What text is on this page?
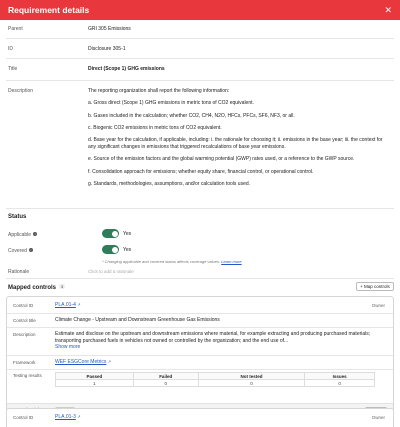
Requirement details	✕
Parent	GRI 305 Emissions
ID	Disclosure 305-1
Title	Direct (Scope 1) GHG emissions
Description	The reporting organization shall report the following information:

a. Gross direct (Scope 1) GHG emissions in metric tons of CO2 equivalent.

b. Gases included in the calculation; whether CO2, CH4, N2O, HFCs, PFCs, SF6, NF3, or all.

c. Biogenic CO2 emissions in metric tons of CO2 equivalent.

d. Base year for the calculation, if applicable, including: i. the rationale for choosing it; ii. emissions in the base year; iii. the context for any significant changes in emissions that triggered recalculations of base year emissions.

e. Source of the emission factors and the global warming potential (GWP) rates used, or a reference to the GWP source.

f. Consolidation approach for emissions; whether equity share, financial control, or operational control.

g. Standards, methodologies, assumptions, and/or calculation tools used.

Status
Applicable i	Yes
Covered i	Yes
* Changing applicable and covered status affects coverage values. Learn more
Rationale	Click to add a rationale
Mapped controls 3	+ Map controls
Control ID	PLA.01-4 ↗	Owner
Control title	Climate Change - Upstream and Downstream Greenhouse Gas Emissions
Description	Estimate and disclose on the upstream and downstream emissions where material, for example extracting and producing purchased materials; transporting purchased fuels in vehicles not owned or controlled by the organization; and the end use of...
Show more
Framework	WEF ESGCore Metrics ↗
Testing results	Passed	Failed	Not tested	Issues
1	0	0	0
Control ID	PLA.01-3 ↗	Owner
